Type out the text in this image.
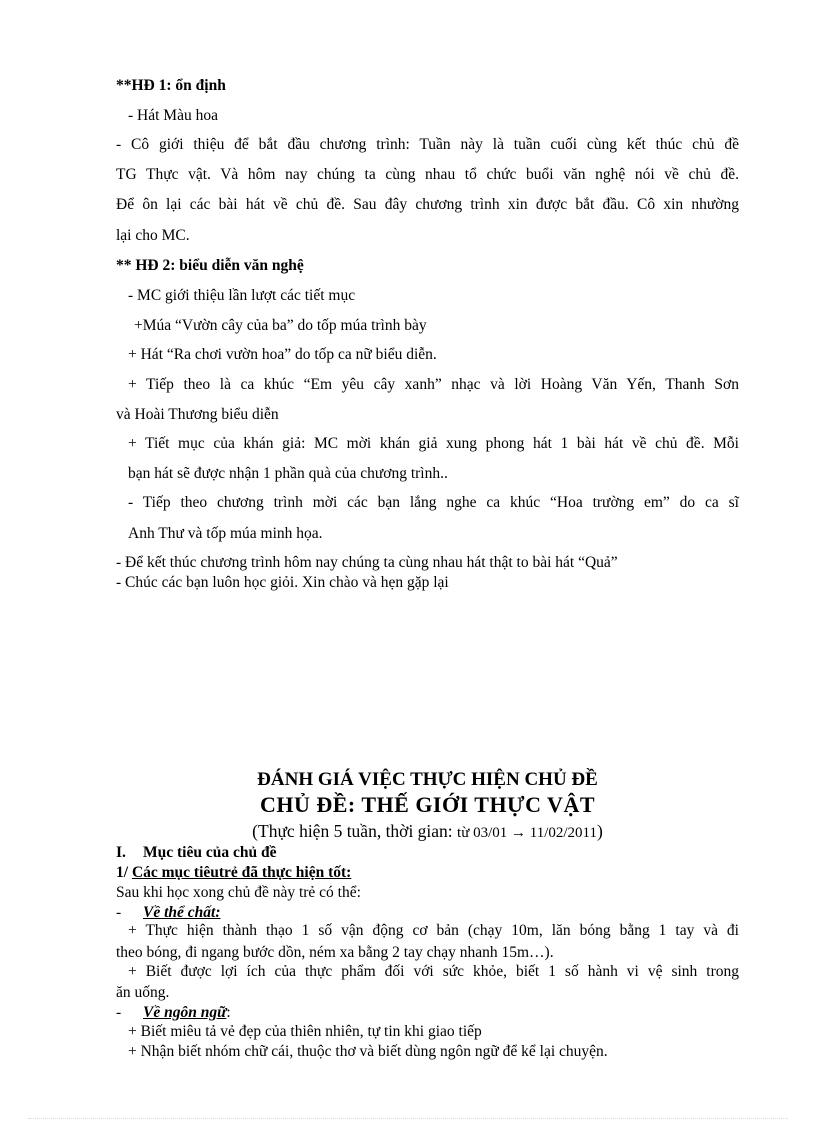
**HĐ 1: ổn định
- Hát Màu hoa
- Cô giới thiệu để bắt đầu chương trình: Tuần này là tuần cuối cùng kết thúc chủ đề
TG Thực vật. Và hôm nay chúng ta cùng nhau tổ chức buổi văn nghệ nói về chủ đề.
Để ôn lại các bài hát về chủ đề. Sau đây chương trình xin được bắt đầu. Cô xin nhường
lại cho MC.
** HĐ 2: biểu diễn văn nghệ
- MC giới thiệu lần lượt các tiết mục
+Múa “Vườn cây của ba” do tốp múa trình bày
+ Hát “Ra chơi vườn hoa” do tốp ca nữ biểu diễn.
+ Tiếp theo là ca khúc “Em yêu cây xanh” nhạc và lời Hoàng Văn Yến, Thanh Sơn
và Hoài Thương biểu diễn
+ Tiết mục của khán giả: MC mời khán giả xung phong hát 1 bài hát về chủ đề. Mỗi
bạn hát sẽ được nhận 1 phần quà của chương trình..
- Tiếp theo chương trình mời các bạn lắng nghe ca khúc “Hoa trường em” do ca sĩ
Anh Thư và tốp múa minh họa.
- Để kết thúc chương trình hôm nay chúng ta cùng nhau hát thật to bài hát “Quả”
- Chúc các bạn luôn học giỏi. Xin chào và hẹn gặp lại
ĐÁNH GIÁ VIỆC THỰC HIỆN CHỦ ĐỀ
CHỦ ĐỀ: THẾ GIỚI THỰC VẬT
(Thực hiện 5 tuần, thời gian: từ 03/01 → 11/02/2011)
I. Mục tiêu của chủ đề
1/ Các mục tiêutrẻ đã thực hiện tốt:
Sau khi học xong chủ đề này trẻ có thể:
- Về thể chất:
+ Thực hiện thành thạo 1 số vận động cơ bản (chạy 10m, lăn bóng bằng 1 tay và đi
theo bóng, đi ngang bước dồn, ném xa bằng 2 tay chạy nhanh 15m…).
+ Biết được lợi ích của thực phẩm đối với sức khỏe, biết 1 số hành vi vệ sinh trong
ăn uống.
- Về ngôn ngữ:
+ Biết miêu tả vẻ đẹp của thiên nhiên, tự tin khi giao tiếp
+ Nhận biết nhóm chữ cái, thuộc thơ và biết dùng ngôn ngữ để kể lại chuyện.
